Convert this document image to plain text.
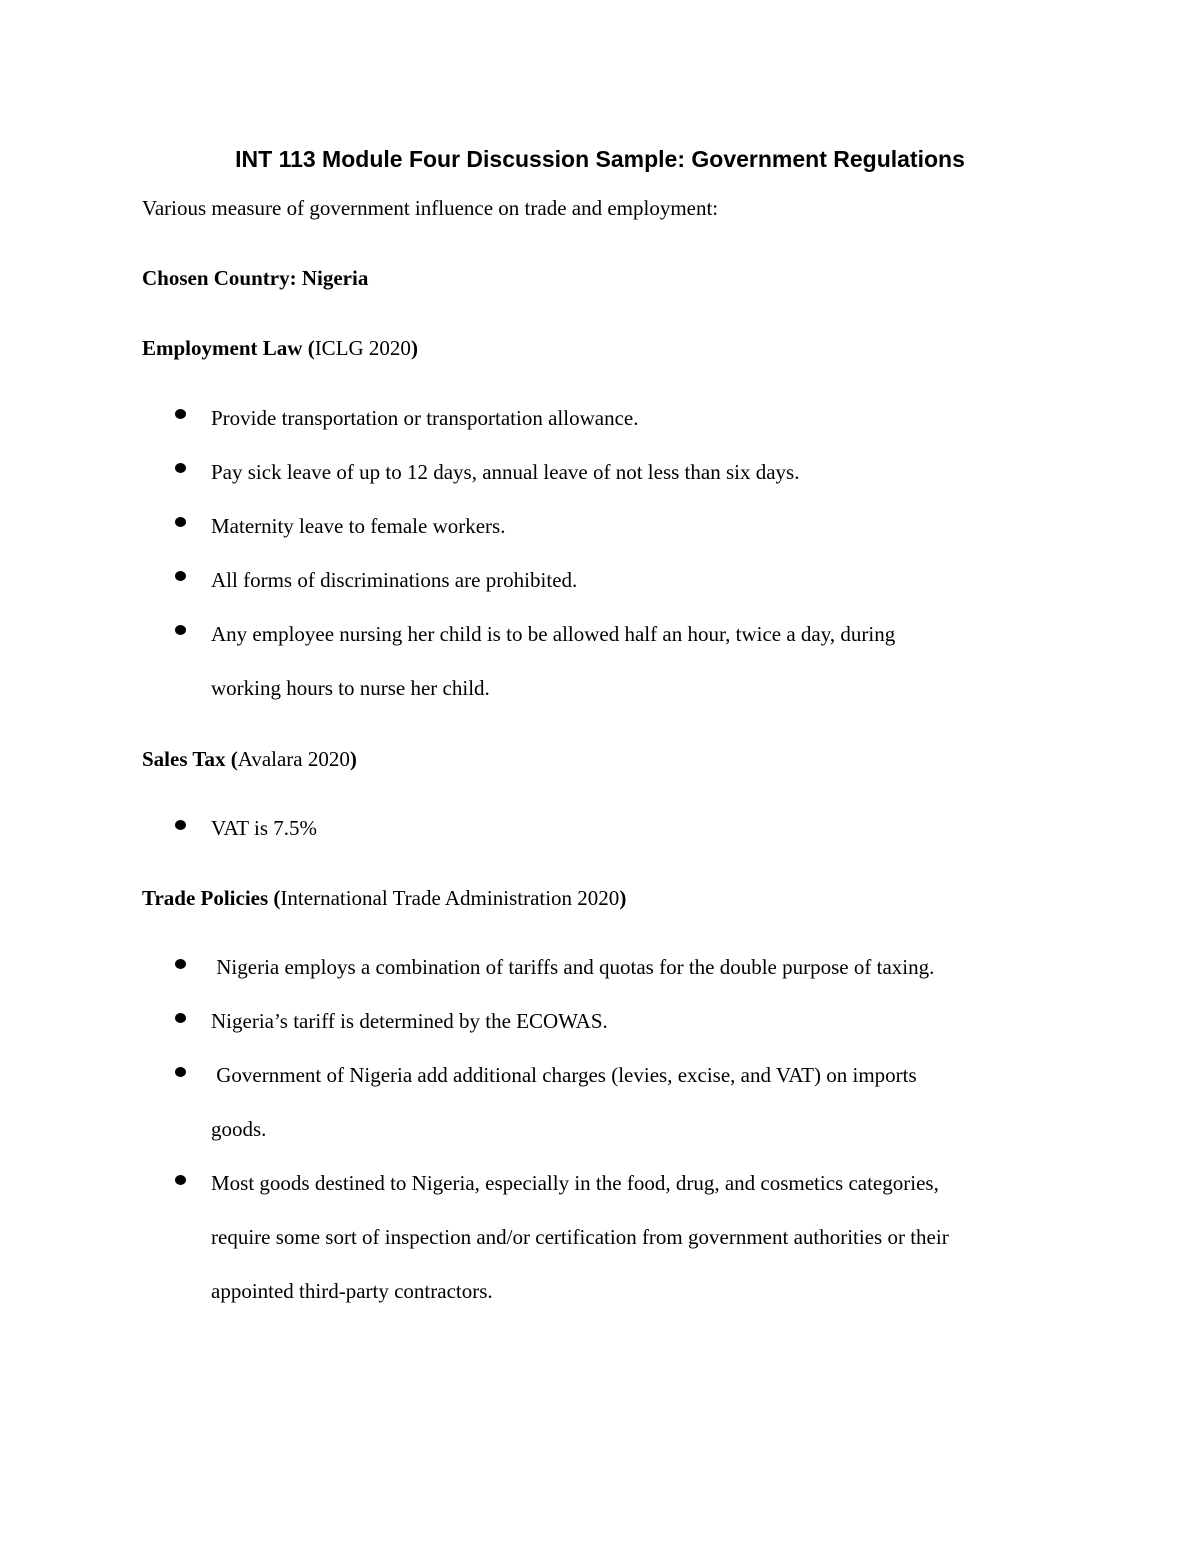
INT 113 Module Four Discussion Sample: Government Regulations
Various measure of government influence on trade and employment:
Chosen Country: Nigeria
Employment Law (ICLG 2020)
Provide transportation or transportation allowance.
Pay sick leave of up to 12 days, annual leave of not less than six days.
Maternity leave to female workers.
All forms of discriminations are prohibited.
Any employee nursing her child is to be allowed half an hour, twice a day, during
working hours to nurse her child.
Sales Tax (Avalara 2020)
VAT is 7.5%
Trade Policies (International Trade Administration 2020)
Nigeria employs a combination of tariffs and quotas for the double purpose of taxing.
Nigeria’s tariff is determined by the ECOWAS.
Government of Nigeria add additional charges (levies, excise, and VAT) on imports
goods.
Most goods destined to Nigeria, especially in the food, drug, and cosmetics categories,
require some sort of inspection and/or certification from government authorities or their
appointed third-party contractors.
